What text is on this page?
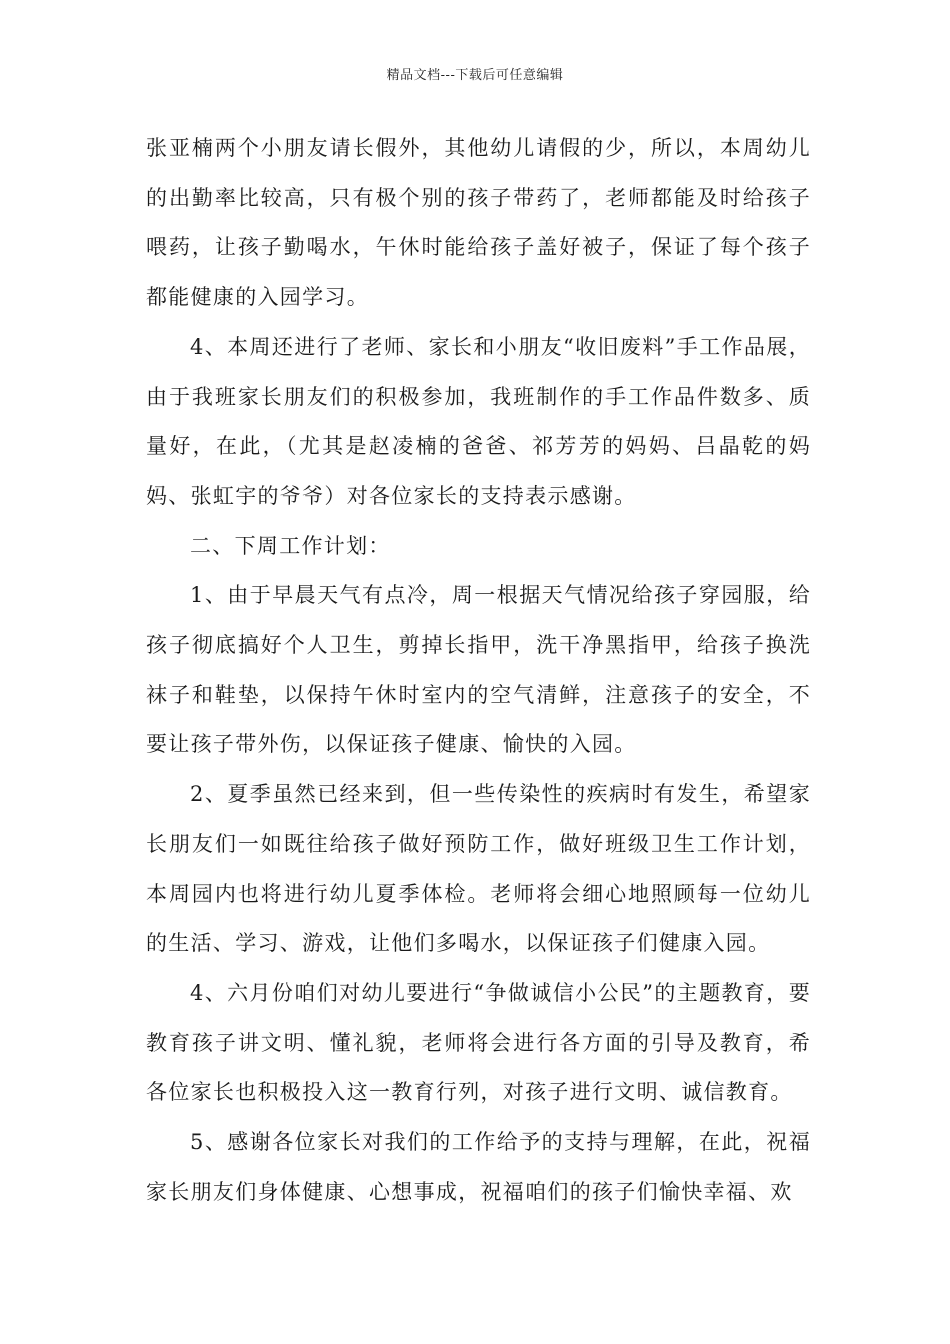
精品文档---下载后可任意编辑

张亚楠两个小朋友请长假外，其他幼儿请假的少，所以，本周幼儿的出勤率比较高，只有极个别的孩子带药了，老师都能及时给孩子喂药，让孩子勤喝水，午休时能给孩子盖好被子，保证了每个孩子都能健康的入园学习。

4、本周还进行了老师、家长和小朋友“收旧废料”手工作品展，由于我班家长朋友们的积极参加，我班制作的手工作品件数多、质量好，在此，（尤其是赵凌楠的爸爸、祁芳芳的妈妈、吕晶乾的妈妈、张虹宇的爷爷）对各位家长的支持表示感谢。

二、下周工作计划：

1、由于早晨天气有点冷，周一根据天气情况给孩子穿园服，给孩子彻底搞好个人卫生，剪掉长指甲，洗干净黑指甲，给孩子换洗袜子和鞋垫，以保持午休时室内的空气清鲜，注意孩子的安全，不要让孩子带外伤，以保证孩子健康、愉快的入园。

2、夏季虽然已经来到，但一些传染性的疾病时有发生，希望家长朋友们一如既往给孩子做好预防工作，做好班级卫生工作计划，本周园内也将进行幼儿夏季体检。老师将会细心地照顾每一位幼儿的生活、学习、游戏，让他们多喝水，以保证孩子们健康入园。

4、六月份咱们对幼儿要进行“争做诚信小公民”的主题教育，要教育孩子讲文明、懂礼貌，老师将会进行各方面的引导及教育，希各位家长也积极投入这一教育行列，对孩子进行文明、诚信教育。

5、感谢各位家长对我们的工作给予的支持与理解，在此，祝福家长朋友们身体健康、心想事成，祝福咱们的孩子们愉快幸福、欢
